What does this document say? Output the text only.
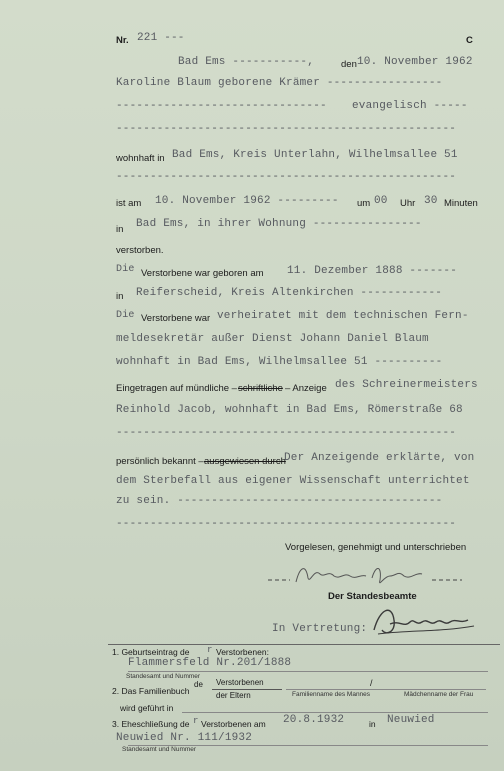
Nr. 221 ---	C
Bad Ems -----------,	den 10. November 1962
Karoline Blaum geborene Krämer -----------------
------------------------------- evangelisch -----
--------------------------------------------------
wohnhaft in Bad Ems, Kreis Unterlahn, Wilhelmsallee 51
--------------------------------------------------
ist am 10. November 1962 --------- um 00 Uhr 30 Minuten
in Bad Ems, in ihrer Wohnung ----------------
verstorben.
Die Verstorbene war geboren am 11. Dezember 1888 -------
in Reiferscheid, Kreis Altenkirchen ------------
Die Verstorbene war verheiratet mit dem technischen Fern-
meldesekretär außer Dienst Johann Daniel Blaum
wohnhaft in Bad Ems, Wilhelmsallee 51 ----------
Eingetragen auf mündliche – schriftliche – Anzeige des Schreinermeisters
Reinhold Jacob, wohnhaft in Bad Ems, Römerstraße 68
--------------------------------------------------
persönlich bekannt – ausgewiesen durch
Der Anzeigende erklärte, von
dem Sterbefall aus eigener Wissenschaft unterrichtet
zu sein. ---------------------------------------
--------------------------------------------------
Vorgelesen, genehmigt und unterschrieben
Der Standesbeamte
In Vertretung:
1. Geburtseintrag de r Verstorbenen:
Flammersfeld Nr.201/1888
Standesamt und Nummer
2. Das Familienbuch
de Verstorbenen
der Eltern
/
Familienname des Mannes	Mädchenname der Frau
wird geführt in
3. Eheschließung de r Verstorbenen am 20.8.1932	in Neuwied
Neuwied Nr. 111/1932
Standesamt und Nummer
